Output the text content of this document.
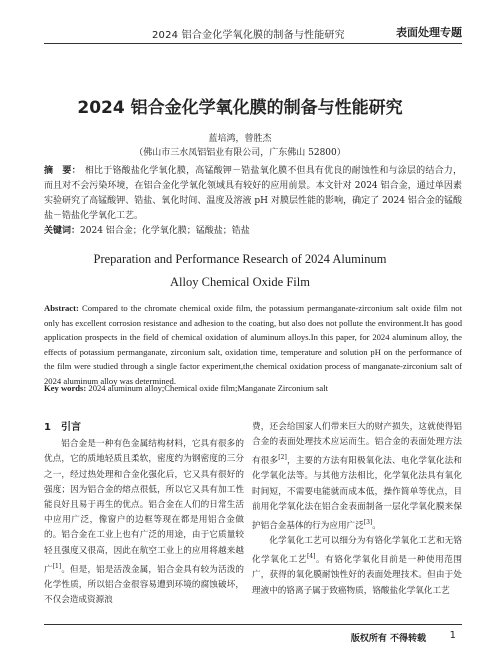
2024 铝合金化学氧化膜的制备与性能研究	表面处理专题
2024 铝合金化学氧化膜的制备与性能研究
蓝培鸿，曾胜杰
（佛山市三水凤铝铝业有限公司，广东佛山 52800）
摘　要： 相比于铬酸盐化学氧化膜，高锰酸钾－锆盐氧化膜不但具有优良的耐蚀性和与涂层的结合力，而且对不会污染环境，在铝合金化学氧化领域具有较好的应用前景。本文针对 2024 铝合金，通过单因素实验研究了高锰酸钾、锆盐、氧化时间、温度及溶液 pH 对膜层性能的影响，确定了 2024 铝合金的锰酸盐－锆盐化学氧化工艺。
关键词：2024 铝合金；化学氧化膜；锰酸盐；锆盐
Preparation and Performance Research of 2024 Aluminum
Alloy Chemical Oxide Film
Abstract: Compared to the chromate chemical oxide film, the potassium permanganate-zirconium salt oxide film not only has excellent corrosion resistance and adhesion to the coating, but also does not pollute the environment.It has good application prospects in the field of chemical oxidation of aluminum alloys.In this paper, for 2024 aluminum alloy, the effects of potassium permanganate, zirconium salt, oxidation time, temperature and solution pH on the performance of the film were studied through a single factor experiment,the chemical oxidation process of manganate-zirconium salt of 2024 aluminum alloy was determined.
Key words: 2024 aluminum alloy;Chemical oxide film;Manganate Zirconium salt
1　引言

铝合金是一种有色金属结构材料，它具有很多的优点，它的质地轻质且柔软，密度约为钢密度的三分之一，经过热处理和合金化强化后，它又具有很好的强度；因为铝合金的熔点很低，所以它又具有加工性能良好且易于再生的优点。铝合金在人们的日常生活中应用广泛，像窗户的边框等现在都是用铝合金做的。铝合金在工业上也有广泛的用途，由于它质量较轻且强度又很高，因此在航空工业上的应用将越来越广[1]。但是，铝是活泼金属，铝合金具有较为活泼的化学性质，所以铝合金很容易遭到环境的腐蚀破坏，不仅会造成资源浪

费，还会给国家人们带来巨大的财产损失，这就使得铝合金的表面处理技术应运而生。铝合金的表面处理方法有很多[2]，主要的方法有阳极氧化法、电化学氧化法和化学氧化法等。与其他方法相比，化学氧化法具有氧化时间短，不需要电能就而成本低，操作简单等优点，目前用化学氧化法在铝合金表面制备一层化学氧化膜来保护铝合金基体的行为应用广泛[3]。

化学氧化工艺可以细分为有铬化学氧化工艺和无铬化学氧化工艺[4]。有铬化学氧化目前是一种使用范围广，获得的氧化膜耐蚀性好的表面处理技术。但由于处理液中的铬离子属于致癌物质，铬酸盐化学氧化工艺

版权所有 不得转载 1
